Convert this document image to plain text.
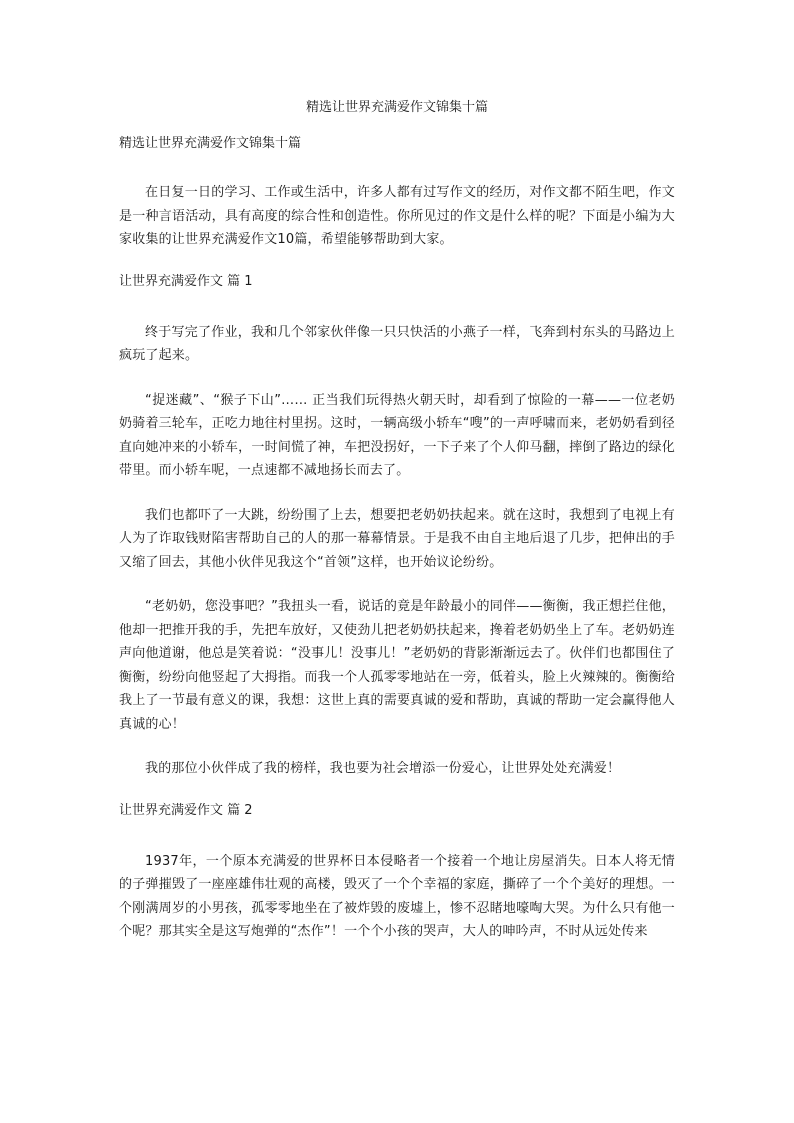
精选让世界充满爱作文锦集十篇
精选让世界充满爱作文锦集十篇

在日复一日的学习、工作或生活中，许多人都有过写作文的经历，对作文都不陌生吧，作文是一种言语活动，具有高度的综合性和创造性。你所见过的作文是什么样的呢？下面是小编为大家收集的让世界充满爱作文10篇，希望能够帮助到大家。

让世界充满爱作文 篇 1

终于写完了作业，我和几个邻家伙伴像一只只快活的小燕子一样，飞奔到村东头的马路边上疯玩了起来。

“捉迷藏”、“猴子下山”…… 正当我们玩得热火朝天时，却看到了惊险的一幕——一位老奶奶骑着三轮车，正吃力地往村里拐。这时，一辆高级小轿车“嗖”的一声呼啸而来，老奶奶看到径直向她冲来的小轿车，一时间慌了神，车把没拐好，一下子来了个人仰马翻，摔倒了路边的绿化带里。而小轿车呢，一点速都不减地扬长而去了。

我们也都吓了一大跳，纷纷围了上去，想要把老奶奶扶起来。就在这时，我想到了电视上有人为了诈取钱财陷害帮助自己的人的那一幕幕情景。于是我不由自主地后退了几步，把伸出的手又缩了回去，其他小伙伴见我这个“首领”这样，也开始议论纷纷。

“老奶奶，您没事吧？”我扭头一看，说话的竟是年龄最小的同伴——衡衡，我正想拦住他，他却一把推开我的手，先把车放好，又使劲儿把老奶奶扶起来，搀着老奶奶坐上了车。老奶奶连声向他道谢，他总是笑着说：“没事儿！没事儿！”老奶奶的背影渐渐远去了。伙伴们也都围住了衡衡，纷纷向他竖起了大拇指。而我一个人孤零零地站在一旁，低着头，脸上火辣辣的。衡衡给我上了一节最有意义的课，我想：这世上真的需要真诚的爱和帮助，真诚的帮助一定会赢得他人真诚的心！

我的那位小伙伴成了我的榜样，我也要为社会增添一份爱心，让世界处处充满爱！

让世界充满爱作文 篇 2

1937年，一个原本充满爱的世界杯日本侵略者一个接着一个地让房屋消失。日本人将无情的子弹摧毁了一座座雄伟壮观的高楼，毁灭了一个个幸福的家庭，撕碎了一个个美好的理想。一个刚满周岁的小男孩，孤零零地坐在了被炸毁的废墟上，惨不忍睹地嚎啕大哭。为什么只有他一个呢？那其实全是这写炮弹的“杰作”！一个个小孩的哭声，大人的呻吟声，不时从远处传来
